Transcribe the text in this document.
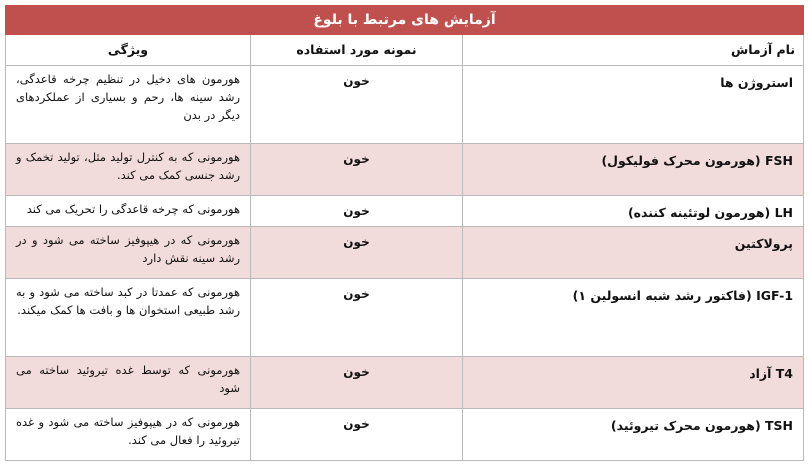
آزمایش های مرتبط با بلوغ		
نام آزماش	نمونه مورد استفاده	ویژگی
استروژن ها	خون	هورمون های دخیل در تنظیم چرخه قاعدگی، رشد سینه ها، رحم و بسیاری از عملکردهای دیگر در بدن
FSH (هورمون محرک فولیکول)	خون	هورمونی که به کنترل تولید مثل، تولید تخمک و رشد جنسی کمک می کند.
LH (هورمون لوتئینه کننده)	خون	هورمونی که چرخه قاعدگی را تحریک می کند
پرولاکتین	خون	هورمونی که در هیپوفیز ساخته می شود و در رشد سینه نقش دارد
IGF-1 (فاکتور رشد شبه انسولین ۱)	خون	هورمونی که عمدتا در کبد ساخته می شود و به رشد طبیعی استخوان ها و بافت ها کمک میکند.
T4 آزاد	خون	هورمونی که توسط غده تیروئید ساخته می شود
TSH (هورمون محرک تیروئید)	خون	هورمونی که در هیپوفیز ساخته می شود و غده تیروئید را فعال می کند.
